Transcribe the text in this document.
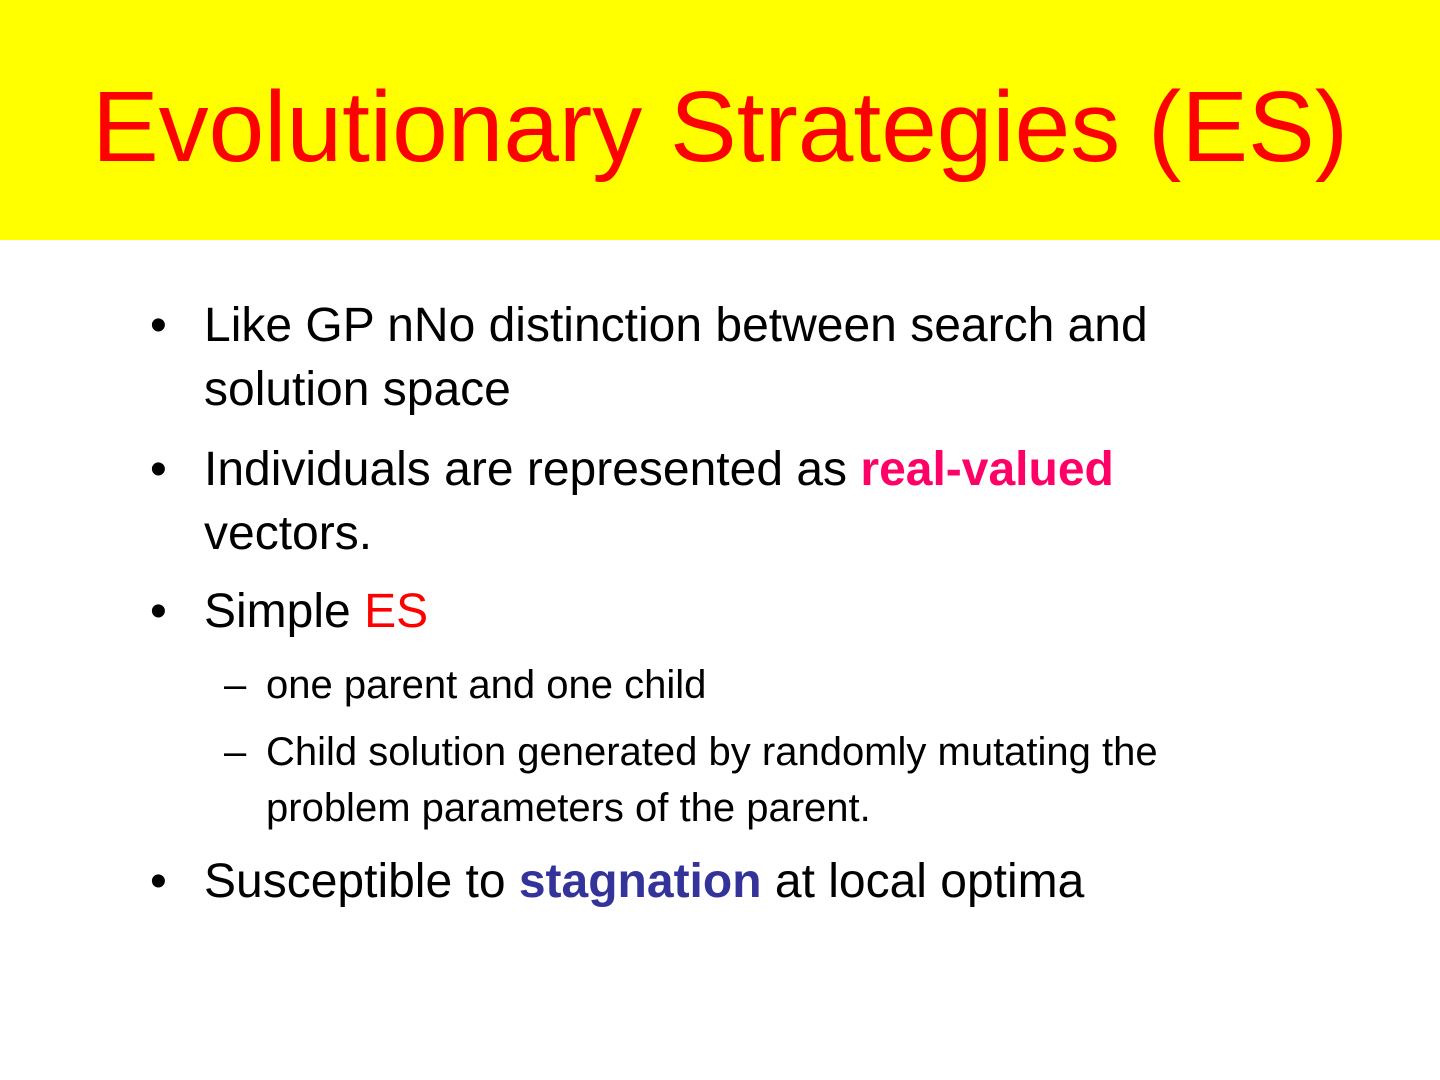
Evolutionary Strategies (ES)
• Like GP nNo distinction between search and
solution space
• Individuals are represented as real-valued
vectors.
• Simple ES
– one parent and one child
– Child solution generated by randomly mutating the
problem parameters of the parent.
• Susceptible to stagnation at local optima
